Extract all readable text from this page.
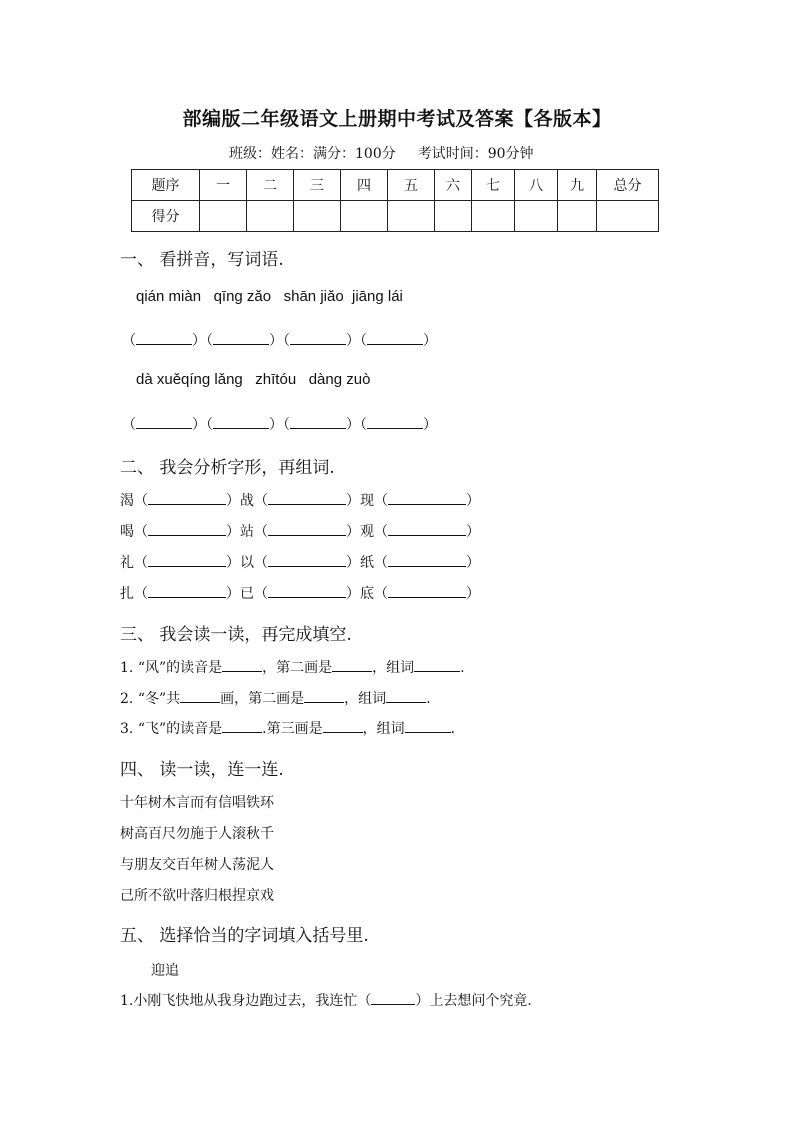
部编版二年级语文上册期中考试及答案【各版本】
班级：姓名：满分：100分 考试时间：90分钟
题序	一	二	三	四	五	六	七	八	九	总分
得分										
一、 看拼音，写词语.
qián miàn qīng zǎo shān jiǎo jiāng lái
（	）（	）（	）（	）
dà xuěqíng lǎng zhītóu dàng zuò
（	）（	）（	）（	）
二、 我会分析字形，再组词.
渴（	）战（	）现（	）
喝（	）站（	）观（	）
礼（	）以（	）纸（	）
扎（	）已（	）底（	）
三、 我会读一读，再完成填空.
1. “风”的读音是	，第二画是	，组词	.
2. “冬”共	画，第二画是	，组词	.
3. “飞”的读音是	.第三画是	，组词	.
四、 读一读，连一连.
十年树木言而有信唱铁环
树高百尺勿施于人滚秋千
与朋友交百年树人荡泥人
己所不欲叶落归根捏京戏
五、 选择恰当的字词填入括号里.
迎追
1.小刚飞快地从我身边跑过去，我连忙（	）上去想问个究竟.
